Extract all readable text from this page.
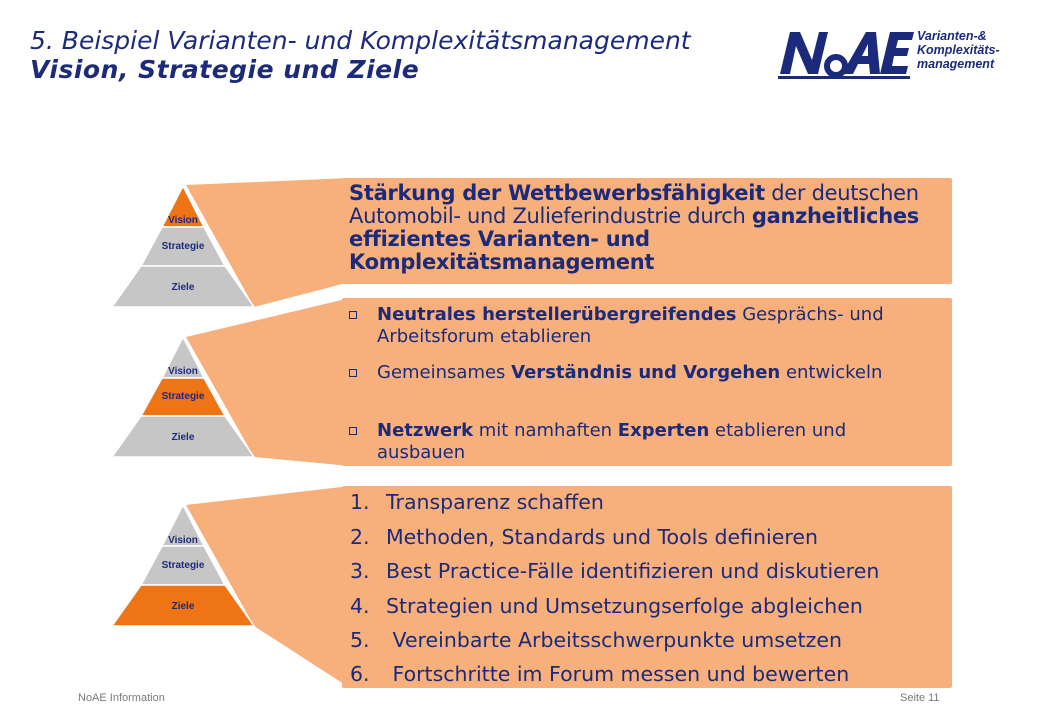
5. Beispiel Varianten- und Komplexitätsmanagement
Vision, Strategie und Ziele
NoAE
Varianten-&
Komplexitäts-
management
Vision
Strategie
Ziele
Vision
Strategie
Ziele
Vision
Strategie
Ziele
Stärkung der Wettbewerbsfähigkeit der deutschen Automobil- und Zulieferindustrie durch ganzheitliches effizientes Varianten- und Komplexitätsmanagement
Neutrales herstellerübergreifendes Gesprächs- und Arbeitsforum etablieren
Gemeinsames Verständnis und Vorgehen entwickeln
Netzwerk mit namhaften Experten etablieren und ausbauen
1. Transparenz schaffen
2. Methoden, Standards und Tools definieren
3. Best Practice-Fälle identifizieren und diskutieren
4. Strategien und Umsetzungserfolge abgleichen
5. Vereinbarte Arbeitsschwerpunkte umsetzen
6. Fortschritte im Forum messen und bewerten
NoAE Information	Seite 11
